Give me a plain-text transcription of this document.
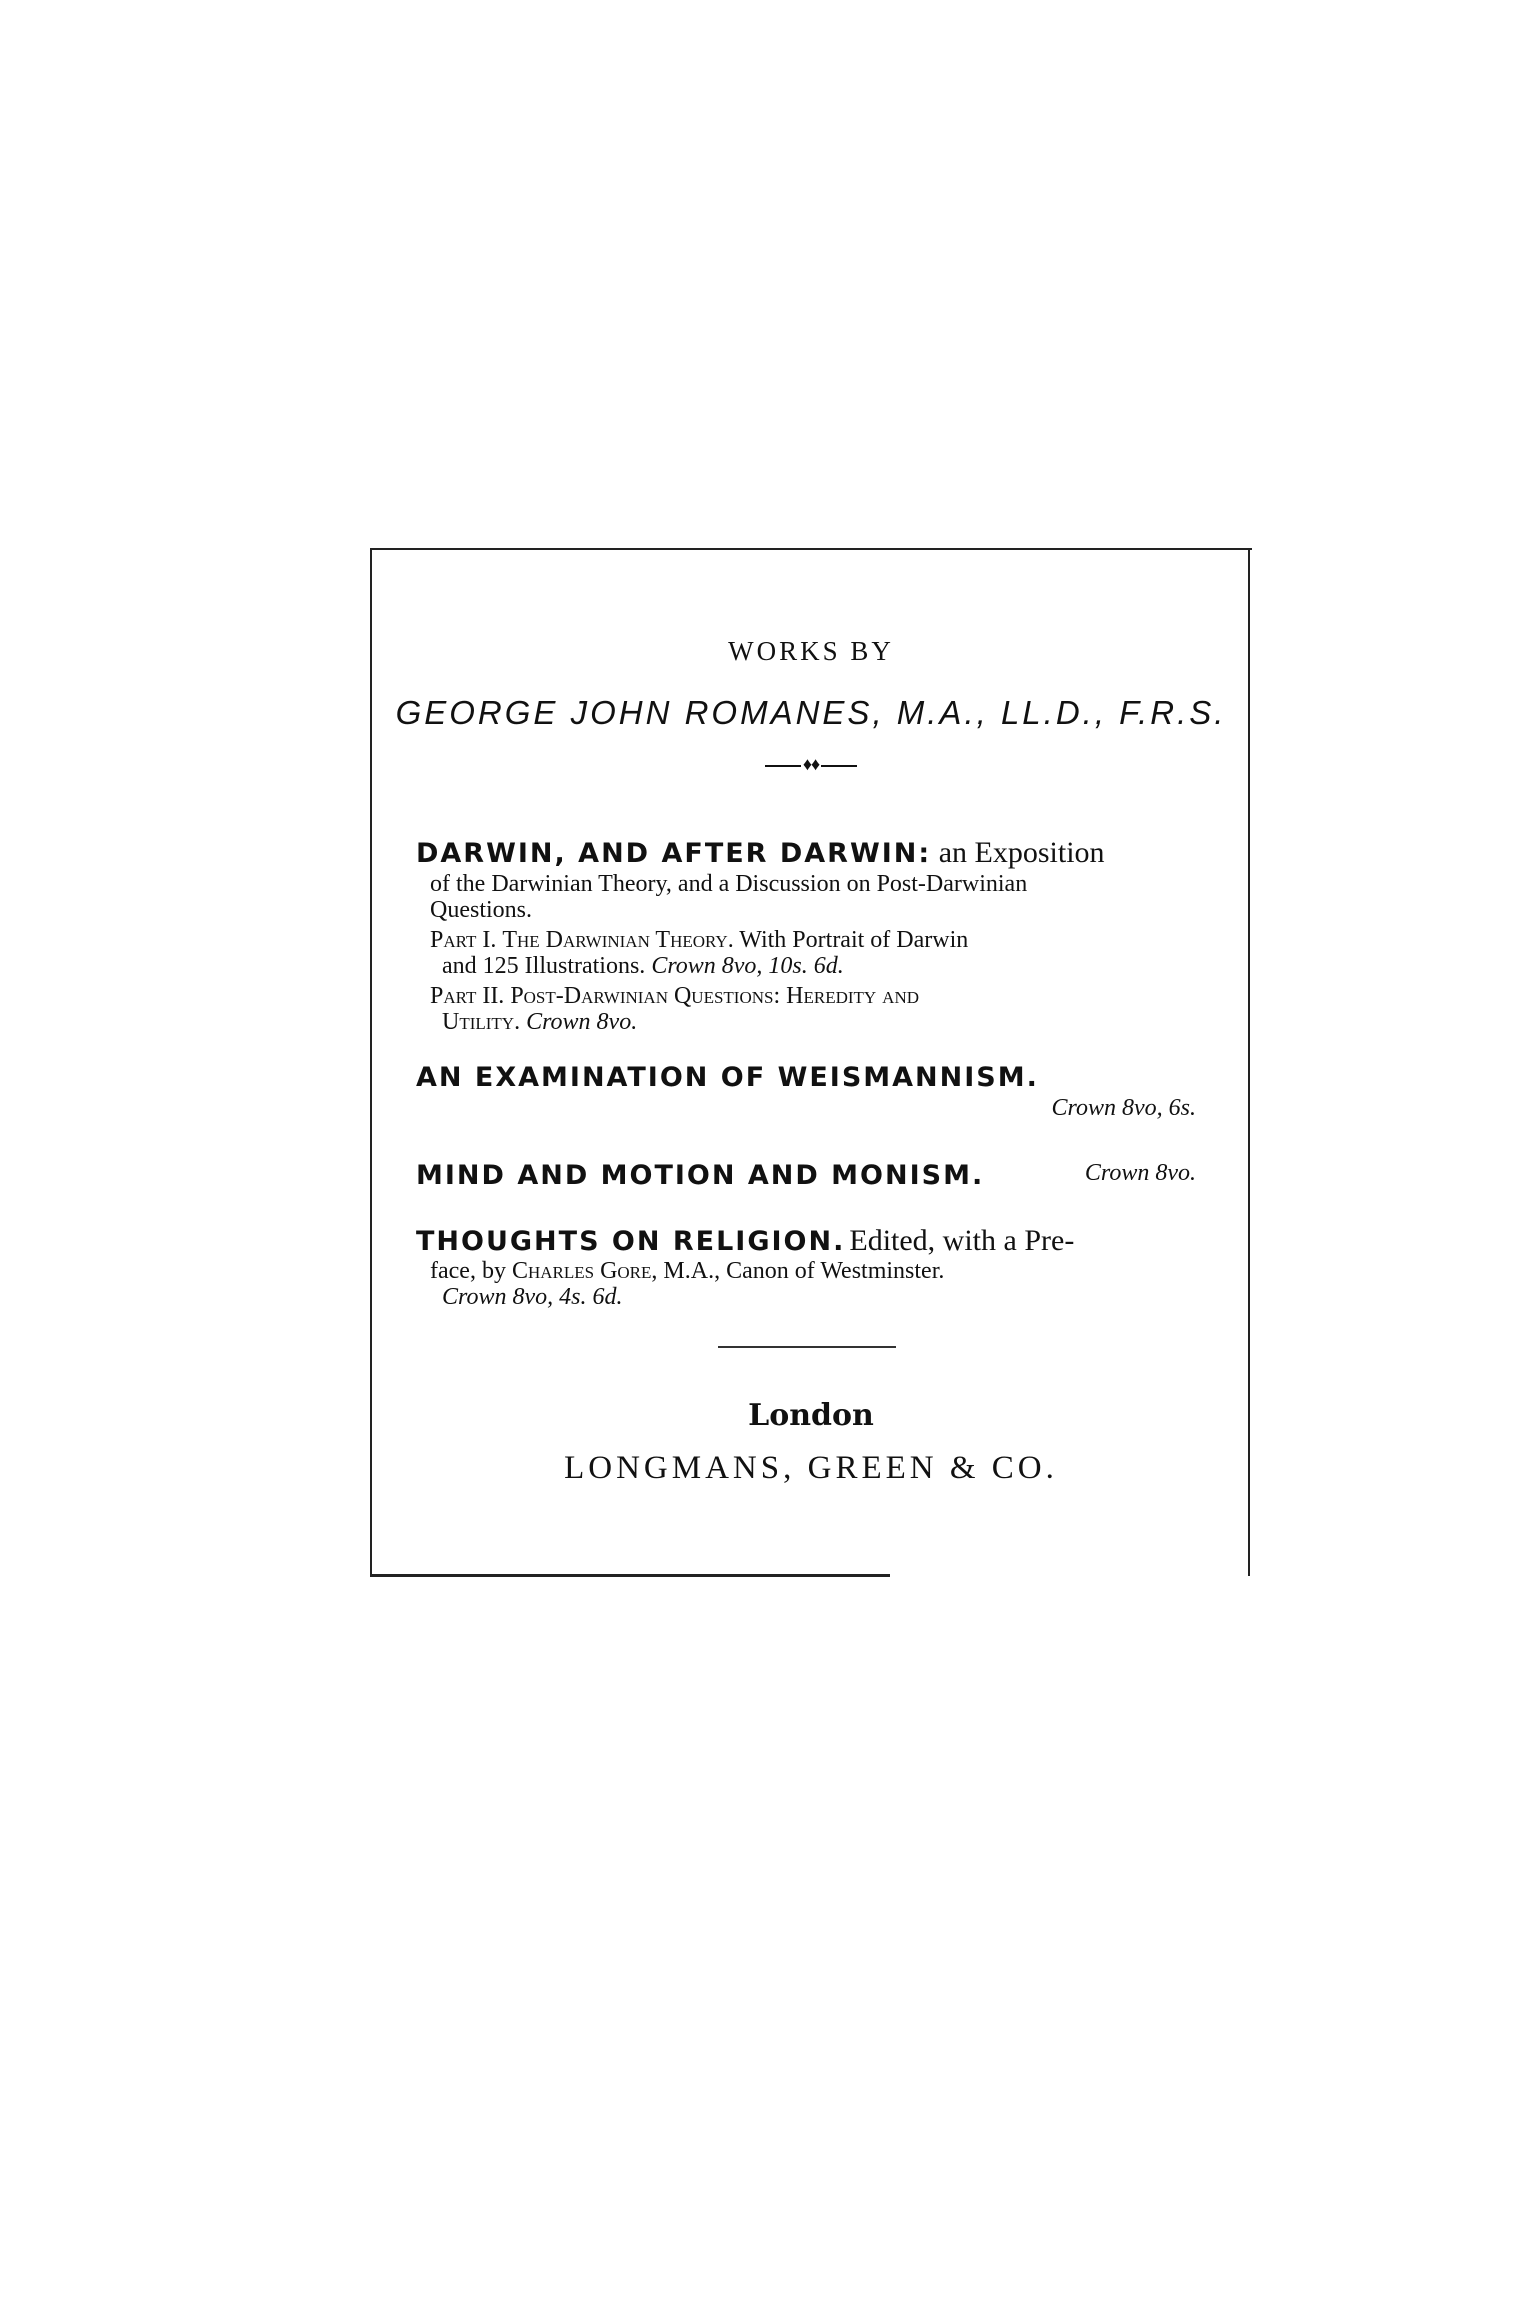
WORKS BY
GEORGE JOHN ROMANES, M.A., LL.D., F.R.S.
♦♦
DARWIN, AND AFTER DARWIN: an Exposition
of the Darwinian Theory, and a Discussion on Post-Darwinian
Questions.
Part I. The Darwinian Theory. With Portrait of Darwin
and 125 Illustrations. Crown 8vo, 10s. 6d.
Part II. Post-Darwinian Questions: Heredity and
Utility. Crown 8vo.
AN EXAMINATION OF WEISMANNISM.
Crown 8vo, 6s.
MIND AND MOTION AND MONISM.	Crown 8vo.
THOUGHTS ON RELIGION. Edited, with a Pre-
face, by Charles Gore, M.A., Canon of Westminster.
Crown 8vo, 4s. 6d.
London
LONGMANS, GREEN & CO.
